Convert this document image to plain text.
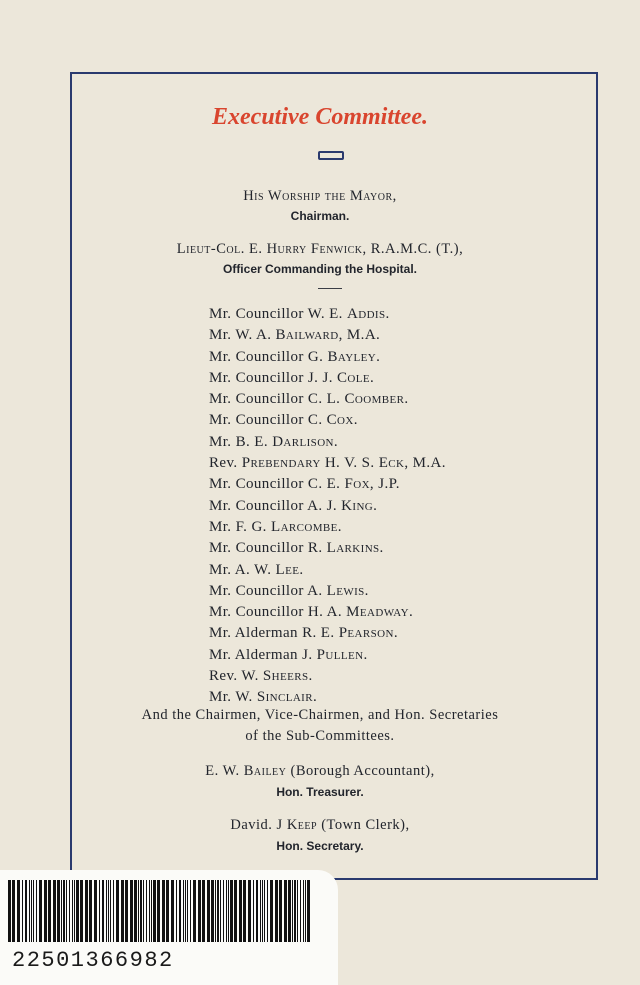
Executive Committee.
His Worship the Mayor,
Chairman.
Lieut-Col. E. Hurry Fenwick, R.A.M.C. (T.),
Officer Commanding the Hospital.
Mr. Councillor W. E. Addis.
Mr. W. A. Bailward, M.A.
Mr. Councillor G. Bayley.
Mr. Councillor J. J. Cole.
Mr. Councillor C. L. Coomber.
Mr. Councillor C. Cox.
Mr. B. E. Darlison.
Rev. Prebendary H. V. S. Eck, M.A.
Mr. Councillor C. E. Fox, J.P.
Mr. Councillor A. J. King.
Mr. F. G. Larcombe.
Mr. Councillor R. Larkins.
Mr. A. W. Lee.
Mr. Councillor A. Lewis.
Mr. Councillor H. A. Meadway.
Mr. Alderman R. E. Pearson.
Mr. Alderman J. Pullen.
Rev. W. Sheers.
Mr. W. Sinclair.
And the Chairmen, Vice-Chairmen, and Hon. Secretaries
of the Sub-Committees.
E. W. Bailey (Borough Accountant),
Hon. Treasurer.
David. J Keep (Town Clerk),
Hon. Secretary.
22501366982
